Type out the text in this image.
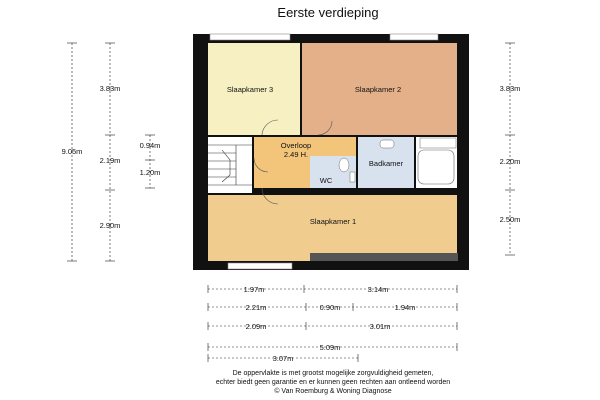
Eerste verdieping
Slaapkamer 3	Slaapkamer 2
Overloop
2.49 H.
Badkamer
WC
Slaapkamer 1
9.05m
3.83m
2.19m
2.90m
0.94m
1.20m
3.83m
2.20m
2.50m
1.97m	3.14m
2.21m	0.90m	1.94m
2.09m	3.01m
5.09m
3.07m
De oppervlakte is met grootst mogelijke zorgvuldigheid gemeten,
echter biedt geen garantie en er kunnen geen rechten aan ontleend worden
© Van Roemburg & Woning Diagnose
